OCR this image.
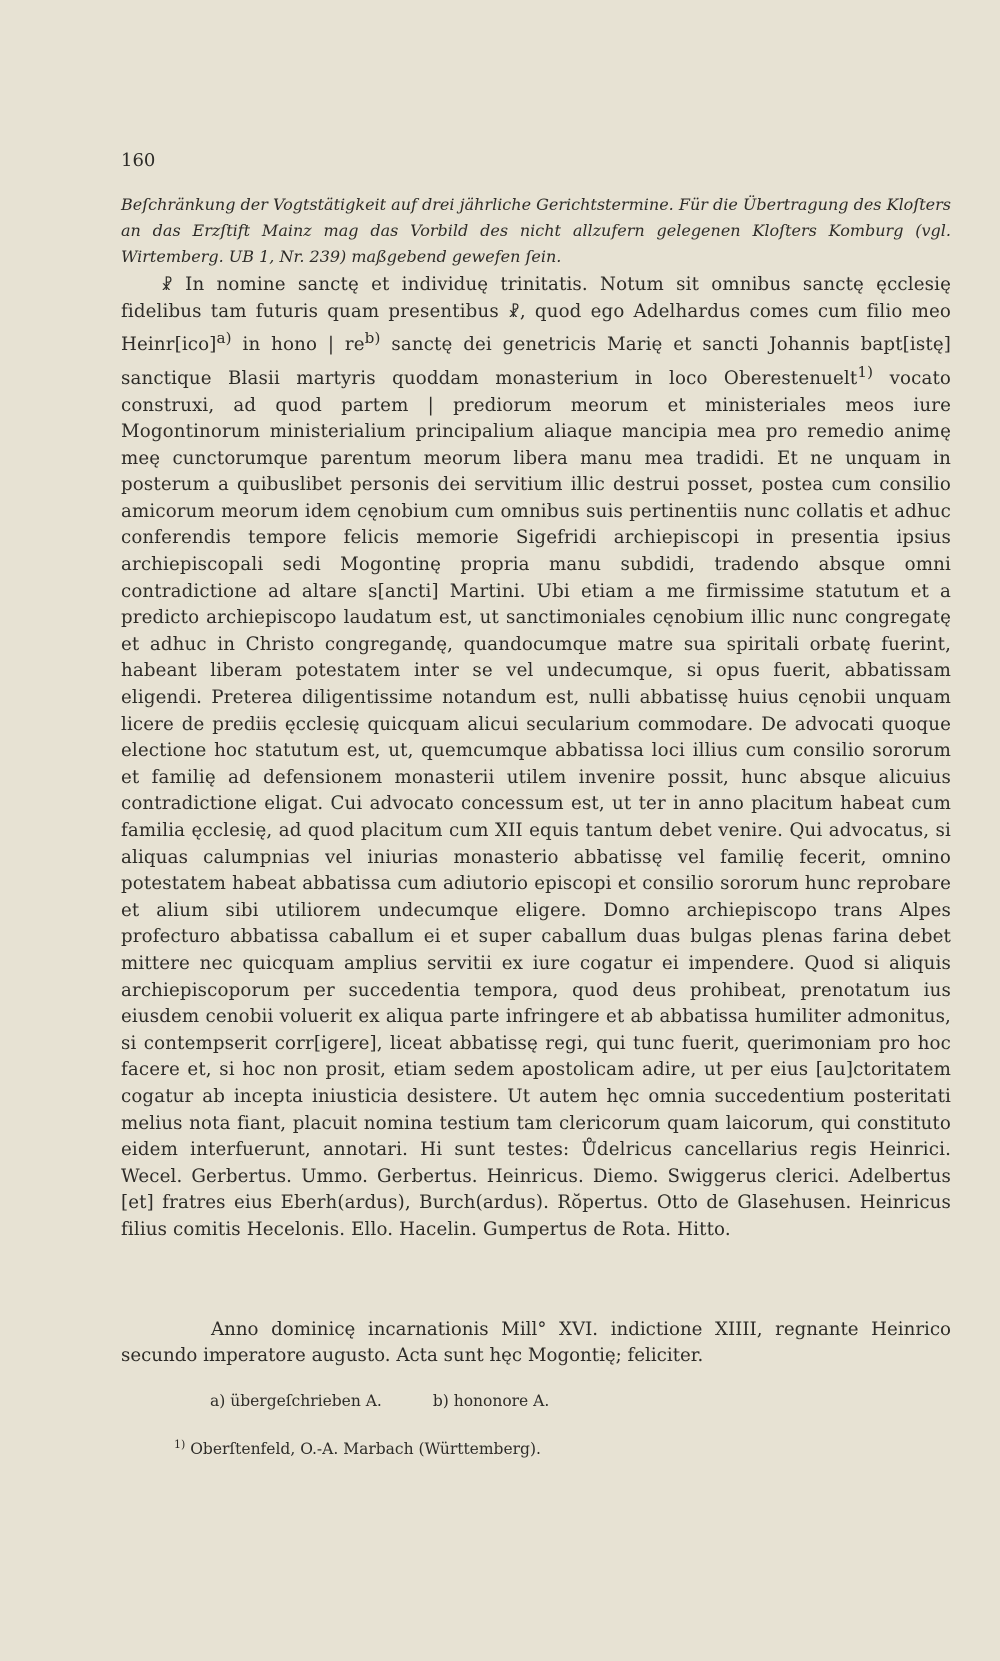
160

Beſchränkung der Vogtstätigkeit auf drei jährliche Gerichtstermine. Für die Übertragung des Kloſters an das Erzſtift Mainz mag das Vorbild des nicht allzufern gelegenen Kloſters Komburg (vgl. Wirtemberg. UB 1, Nr. 239) maßgebend gewefen ſein.

☧ In nomine sanctę et individuę trinitatis. Notum sit omnibus sanctę ęcclesię fidelibus tam futuris quam presentibus ☧, quod ego Adelhardus comes cum filio meo Heinr[ico]$^{a)}$ in hono | $re^{b)}$ sanctę dei genetricis Marię et sancti Johannis bapt[istę] sanctique Blasii martyris quoddam monasterium in loco Oberestenuelt$^{1)}$ vocato construxi, ad quod partem | prediorum meorum et ministeriales meos iure Mogontinorum ministerialium principalium aliaque mancipia mea pro remedio animę meę cunctorumque parentum meorum libera manu mea tradidi. Et ne unquam in posterum a quibuslibet personis dei servitium illic destrui posset, postea cum consilio amicorum meorum idem cęnobium cum omnibus suis pertinentiis nunc collatis et adhuc conferendis tempore felicis memorie Sigefridi archiepiscopi in presentia ipsius archiepiscopali sedi Mogontinę propria manu subdidi, tradendo absque omni contradictione ad altare s[ancti] Martini. Ubi etiam a me firmissime statutum et a predicto archiepiscopo laudatum est, ut sanctimoniales cęnobium illic nunc congregatę et adhuc in Christo congregandę, quandocumque matre sua spiritali orbatę fuerint, habeant liberam potestatem inter se vel undecumque, si opus fuerit, abbatissam eligendi. Preterea diligentissime notandum est, nulli abbatissę huius cęnobii unquam licere de prediis ęcclesię quicquam alicui secularium commodare. De advocati quoque electione hoc statutum est, ut, quemcumque abbatissa loci illius cum consilio sororum et familię ad defensionem monasterii utilem invenire possit, hunc absque alicuius contradictione eligat. Cui advocato concessum est, ut ter in anno placitum habeat cum familia ęcclesię, ad quod placitum cum XII equis tantum debet venire. Qui advocatus, si aliquas calumpnias vel iniurias monasterio abbatissę vel familię fecerit, omnino potestatem habeat abbatissa cum adiutorio episcopi et consilio sororum hunc reprobare et alium sibi utiliorem undecumque eligere. Domno archiepiscopo trans Alpes profecturo abbatissa caballum ei et super caballum duas bulgas plenas farina debet mittere nec quicquam amplius servitii ex iure cogatur ei impendere. Quod si aliquis archiepiscoporum per succedentia tempora, quod deus prohibeat, prenotatum ius eiusdem cenobii voluerit ex aliqua parte infringere et ab abbatissa humiliter admonitus, si contempserit corr[igere], liceat abbatissę regi, qui tunc fuerit, querimoniam pro hoc facere et, si hoc non prosit, etiam sedem apostolicam adire, ut per eius [au]ctoritatem cogatur ab incepta iniusticia desistere. Ut autem hęc omnia succedentium posteritati melius nota fiant, placuit nomina testium tam clericorum quam laicorum, qui constituto eidem interfuerunt, annotari. Hi sunt testes: Ůdelricus cancellarius regis Heinrici. Wecel. Gerbertus. Ummo. Gerbertus. Heinricus. Diemo. Swiggerus clerici. Adelbertus [et] fratres eius Eberh(ardus), Burch(ardus). Rŏpertus. Otto de Glasehusen. Heinricus filius comitis Hecelonis. Ello. Hacelin. Gumpertus de Rota. Hitto.

Anno dominicę incarnationis Mill° XVI. indictione XIIII, regnante Heinrico secundo imperatore augusto. Acta sunt hęc Mogontię; feliciter.

a) übergeſchrieben A.	b) hononore A.
$^{1)}$ Oberſtenfeld, O.-A. Marbach (Württemberg).
